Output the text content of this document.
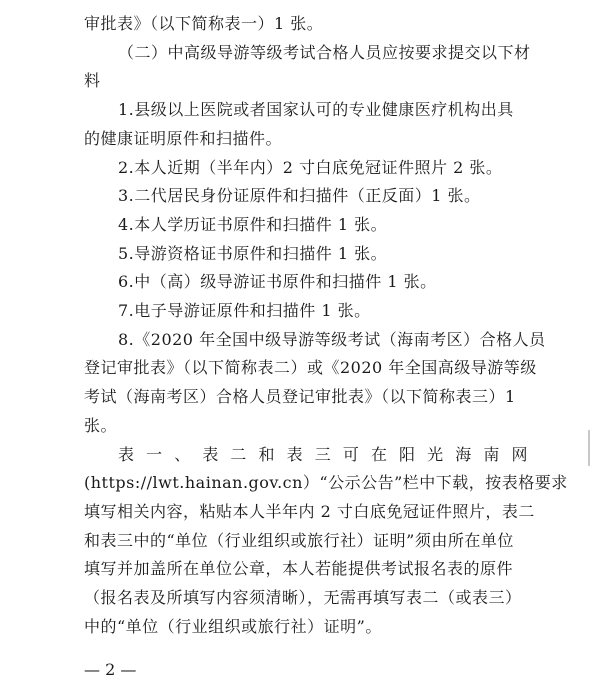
审批表》（以下简称表一）1 张。
（二）中高级导游等级考试合格人员应按要求提交以下材
料
1.县级以上医院或者国家认可的专业健康医疗机构出具
的健康证明原件和扫描件。
2.本人近期（半年内）2 寸白底免冠证件照片 2 张。
3.二代居民身份证原件和扫描件（正反面）1 张。
4.本人学历证书原件和扫描件 1 张。
5.导游资格证书原件和扫描件 1 张。
6.中（高）级导游证书原件和扫描件 1 张。
7.电子导游证原件和扫描件 1 张。
8.《2020 年全国中级导游等级考试（海南考区）合格人员
登记审批表》（以下简称表二）或《2020 年全国高级导游等级
考试（海南考区）合格人员登记审批表》（以下简称表三）1
张。
表 一 、 表 二 和 表 三 可 在 阳 光 海 南 网
(https://lwt.hainan.gov.cn）“公示公告”栏中下载，按表格要求
填写相关内容，粘贴本人半年内 2 寸白底免冠证件照片，表二
和表三中的“单位（行业组织或旅行社）证明”须由所在单位
填写并加盖所在单位公章，本人若能提供考试报名表的原件
（报名表及所填写内容须清晰），无需再填写表二（或表三）
中的“单位（行业组织或旅行社）证明”。
— 2 —
